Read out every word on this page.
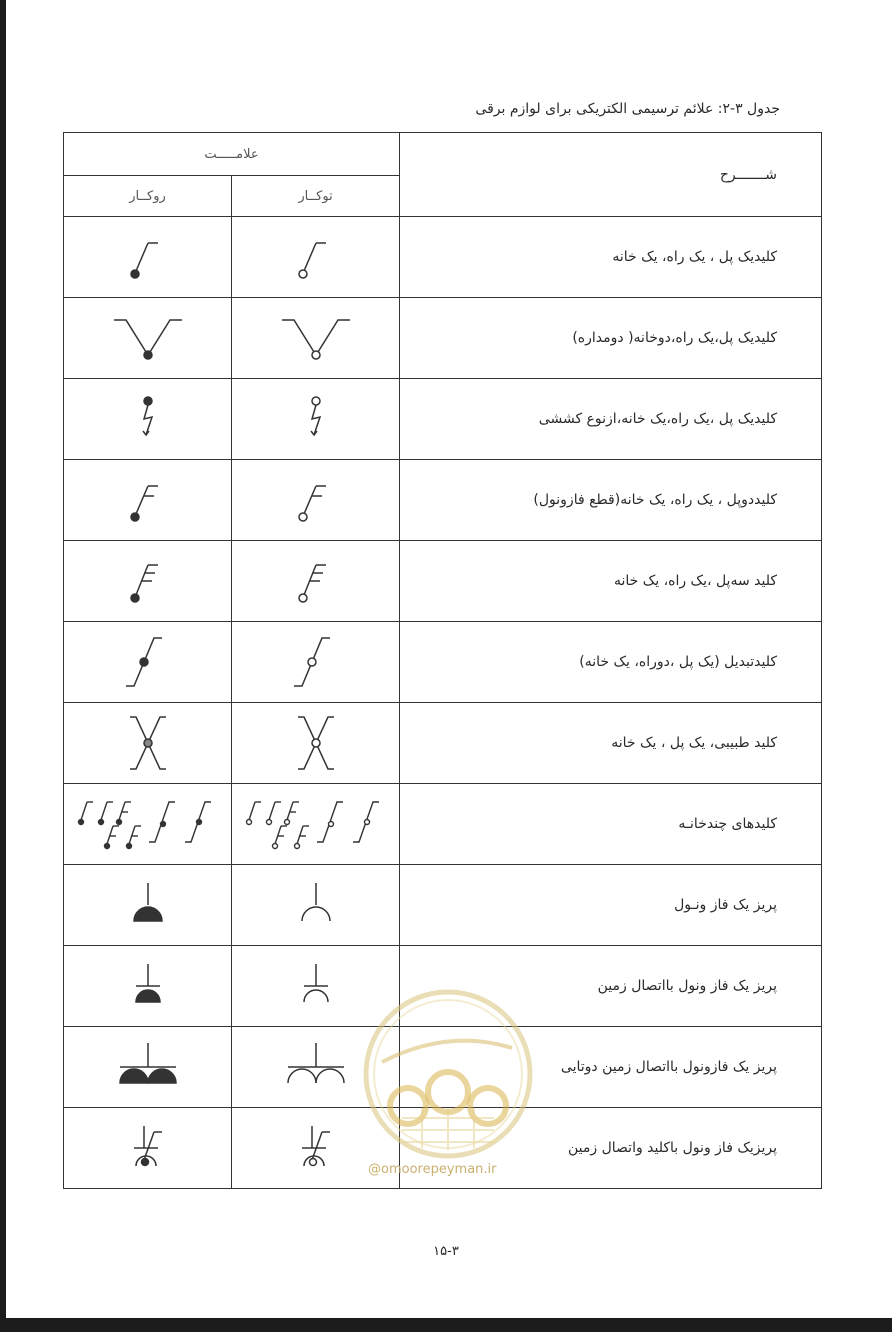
جدول ۳-۲: علائم ترسیمی الکتریکی برای لوازم برقی
علامـــــت		شـــــــرح
روکــار	توکــار	

	کلیدیک پل ، یک راه، یک خانه

	کلیدیک پل،یک راه،دوخانه( دومداره)

	کلیدیک پل ،یک راه،یک خانه،ازنوع کششی

	کلیددوپل ، یک راه، یک خانه(قطع فازونول)

	کلید سه‌پل ،یک راه، یک خانه

	کلیدتبدیل (یک پل ،دوراه، یک خانه)

	کلید طبیبی، یک پل ، یک خانه

	کلیدهای چندخانـه

	پریز یک فاز ونـول

	پریز یک فاز ونول بااتصال زمین

	پریز یک فازونول بااتصال زمین دوتایی

	پریزیک فاز ونول باکلید واتصال زمین
@omoorepeyman.ir
۱۵-۳
